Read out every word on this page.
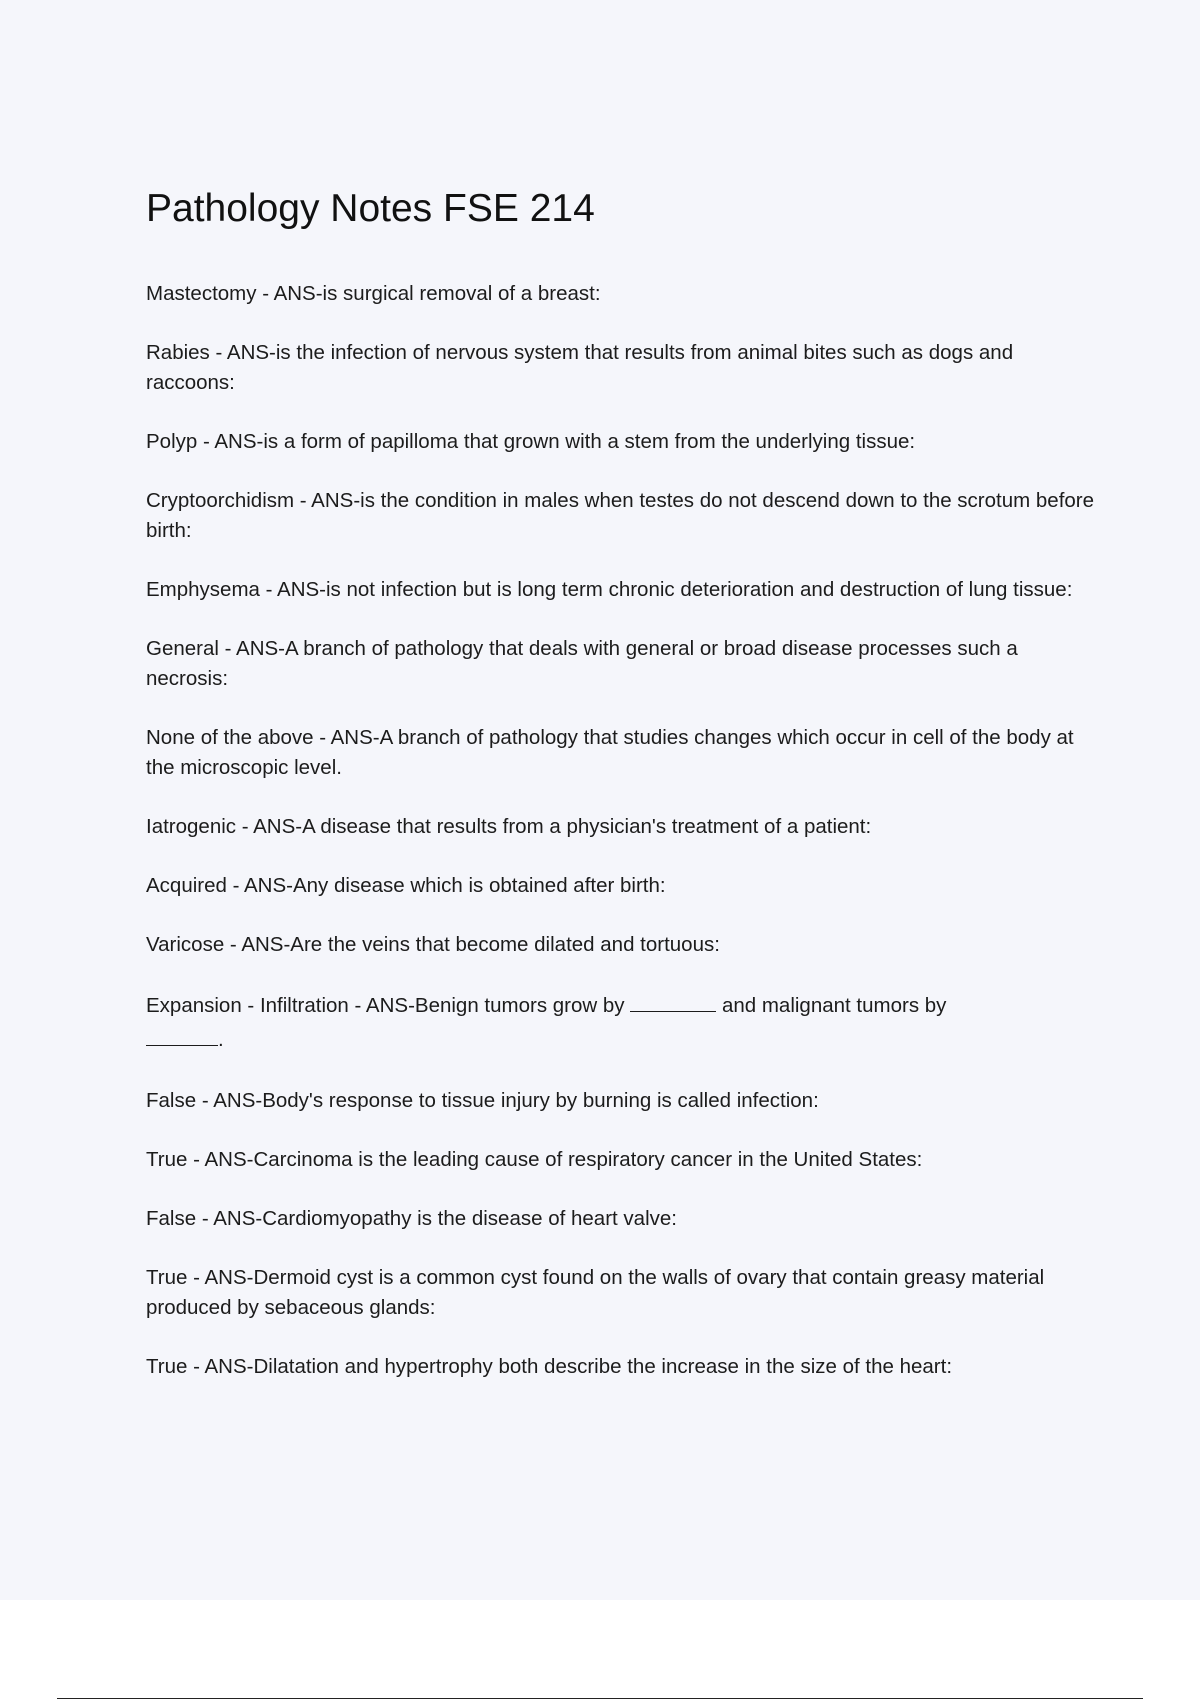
Pathology Notes FSE 214

Mastectomy - ANS-is surgical removal of a breast:

Rabies - ANS-is the infection of nervous system that results from animal bites such as dogs and raccoons:

Polyp - ANS-is a form of papilloma that grown with a stem from the underlying tissue:

Cryptoorchidism - ANS-is the condition in males when testes do not descend down to the scrotum before birth:

Emphysema - ANS-is not infection but is long term chronic deterioration and destruction of lung tissue:

General - ANS-A branch of pathology that deals with general or broad disease processes such a necrosis:

None of the above - ANS-A branch of pathology that studies changes which occur in cell of the body at the microscopic level.

Iatrogenic - ANS-A disease that results from a physician's treatment of a patient:

Acquired - ANS-Any disease which is obtained after birth:

Varicose - ANS-Are the veins that become dilated and tortuous:

Expansion - Infiltration - ANS-Benign tumors grow by	and malignant tumors by
.

False - ANS-Body's response to tissue injury by burning is called infection:

True - ANS-Carcinoma is the leading cause of respiratory cancer in the United States:

False - ANS-Cardiomyopathy is the disease of heart valve:

True - ANS-Dermoid cyst is a common cyst found on the walls of ovary that contain greasy material produced by sebaceous glands:

True - ANS-Dilatation and hypertrophy both describe the increase in the size of the heart:
